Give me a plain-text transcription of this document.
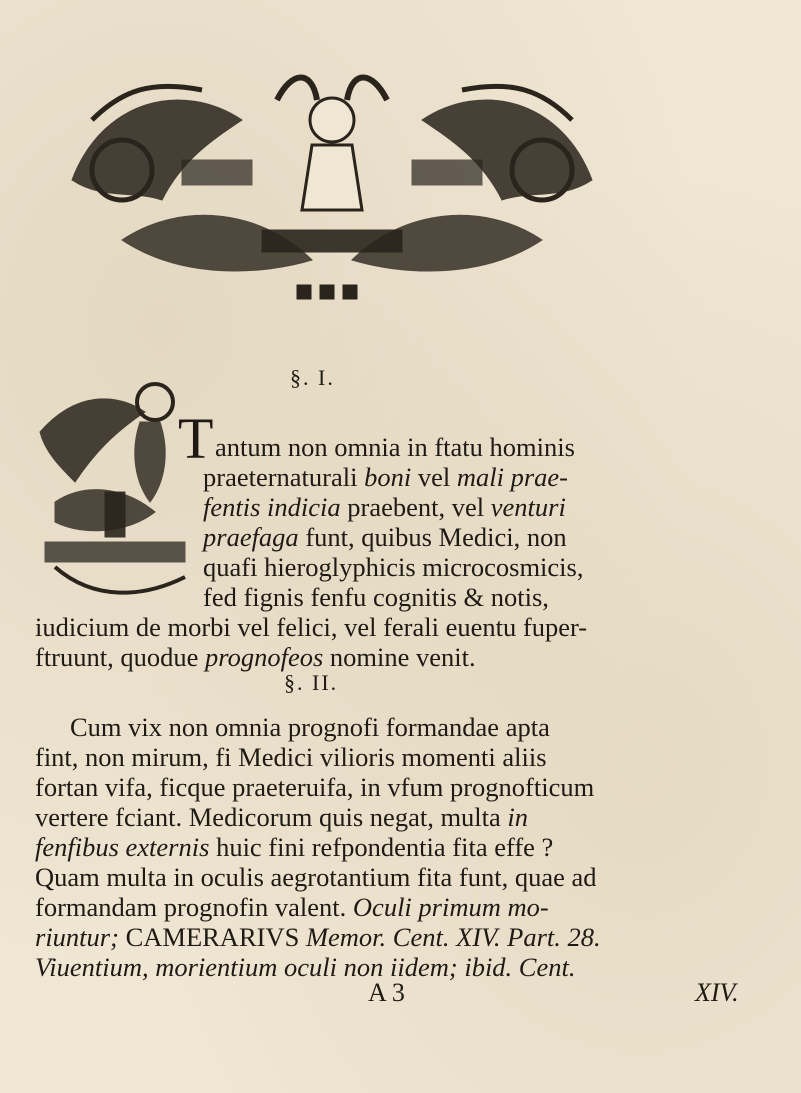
§. I.
T antum non omnia in ftatu hominis
praeternaturali boni vel mali prae-
fentis indicia praebent, vel venturi
praefaga funt, quibus Medici, non
quafi hieroglyphicis microcosmicis,
fed fignis fenfu cognitis & notis,
iudicium de morbi vel felici, vel ferali euentu fuper-
ftruunt, quodue prognofeos nomine venit.
§. II.
Cum vix non omnia prognofi formandae apta
fint, non mirum, fi Medici vilioris momenti aliis
fortan vifa, ficque praeteruifa, in vfum prognofticum
vertere fciant. Medicorum quis negat, multa in
fenfibus externis huic fini refpondentia fita effe ?
Quam multa in oculis aegrotantium fita funt, quae ad
formandam prognofin valent. Oculi primum mo-
riuntur; CAMERARIVS Memor. Cent. XIV. Part. 28.
Viuentium, morientium oculi non iidem; ibid. Cent.
A 3	XIV.
